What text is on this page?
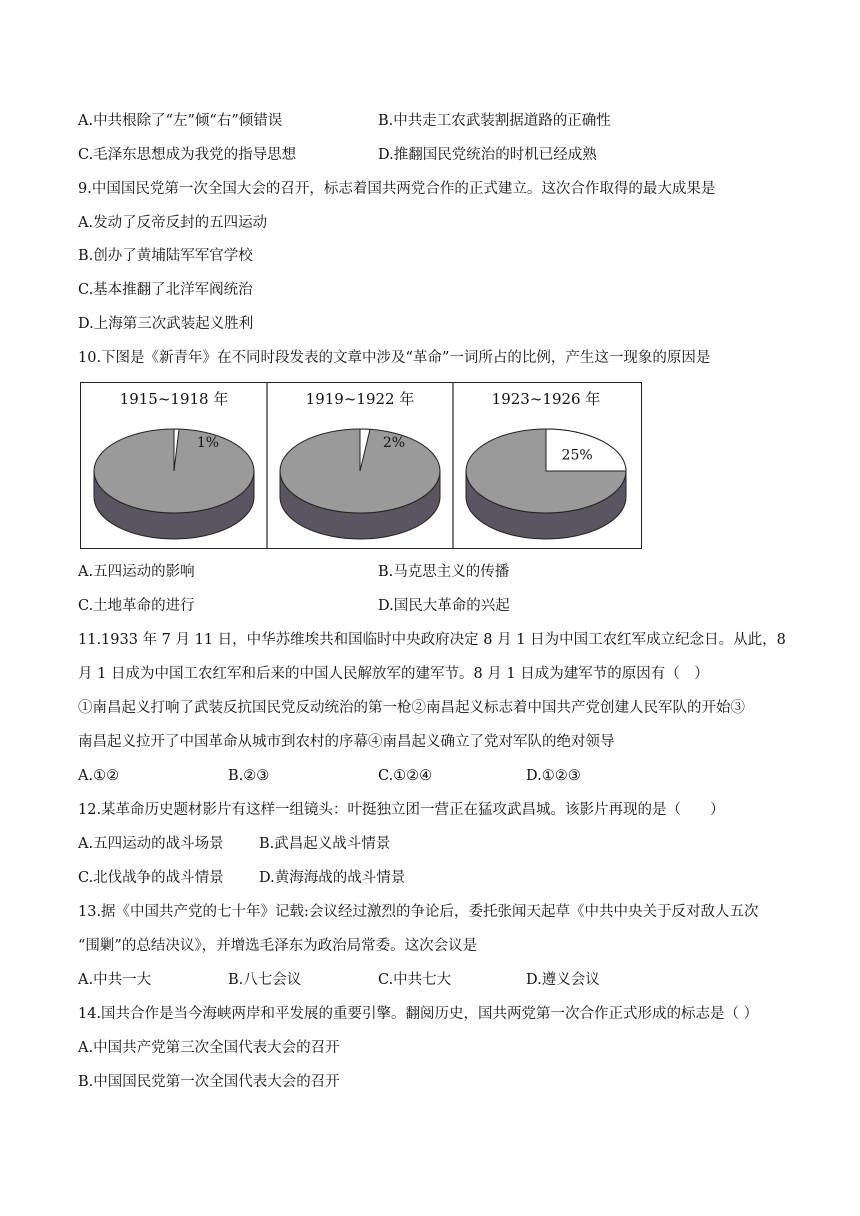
A.中共根除了“左”倾“右”倾错误	B.中共走工农武装割据道路的正确性
C.毛泽东思想成为我党的指导思想	D.推翻国民党统治的时机已经成熟
9.中国国民党第一次全国大会的召开，标志着国共两党合作的正式建立。这次合作取得的最大成果是
A.发动了反帝反封的五四运动
B.创办了黄埔陆军军官学校
C.基本推翻了北洋军阀统治
D.上海第三次武装起义胜利
10.下图是《新青年》在不同时段发表的文章中涉及“革命”一词所占的比例，产生这一现象的原因是
1915~1918 年
1%
1919~1922 年
2%
1923~1926 年
25%
A.五四运动的影响	B.马克思主义的传播
C.土地革命的进行	D.国民大革命的兴起
11.1933 年 7 月 11 日，中华苏维埃共和国临时中央政府决定 8 月 1 日为中国工农红军成立纪念日。从此，8
月 1 日成为中国工农红军和后来的中国人民解放军的建军节。8 月 1 日成为建军节的原因有（　）
①南昌起义打响了武装反抗国民党反动统治的第一枪②南昌起义标志着中国共产党创建人民军队的开始③
南昌起义拉开了中国革命从城市到农村的序幕④南昌起义确立了党对军队的绝对领导
A.①②	B.②③	C.①②④	D.①②③
12.某革命历史题材影片有这样一组镜头：叶挺独立团一营正在猛攻武昌城。该影片再现的是（　　）
A.五四运动的战斗场景 B.武昌起义战斗情景
C.北伐战争的战斗情景 D.黄海海战的战斗情景
13.据《中国共产党的七十年》记载:会议经过激烈的争论后，委托张闻天起草《中共中央关于反对敌人五次
“围剿”的总结决议》，并增选毛泽东为政治局常委。这次会议是
A.中共一大	B.八七会议	C.中共七大	D.遵义会议
14.国共合作是当今海峡两岸和平发展的重要引擎。翻阅历史，国共两党第一次合作正式形成的标志是（ ）
A.中国共产党第三次全国代表大会的召开
B.中国国民党第一次全国代表大会的召开
